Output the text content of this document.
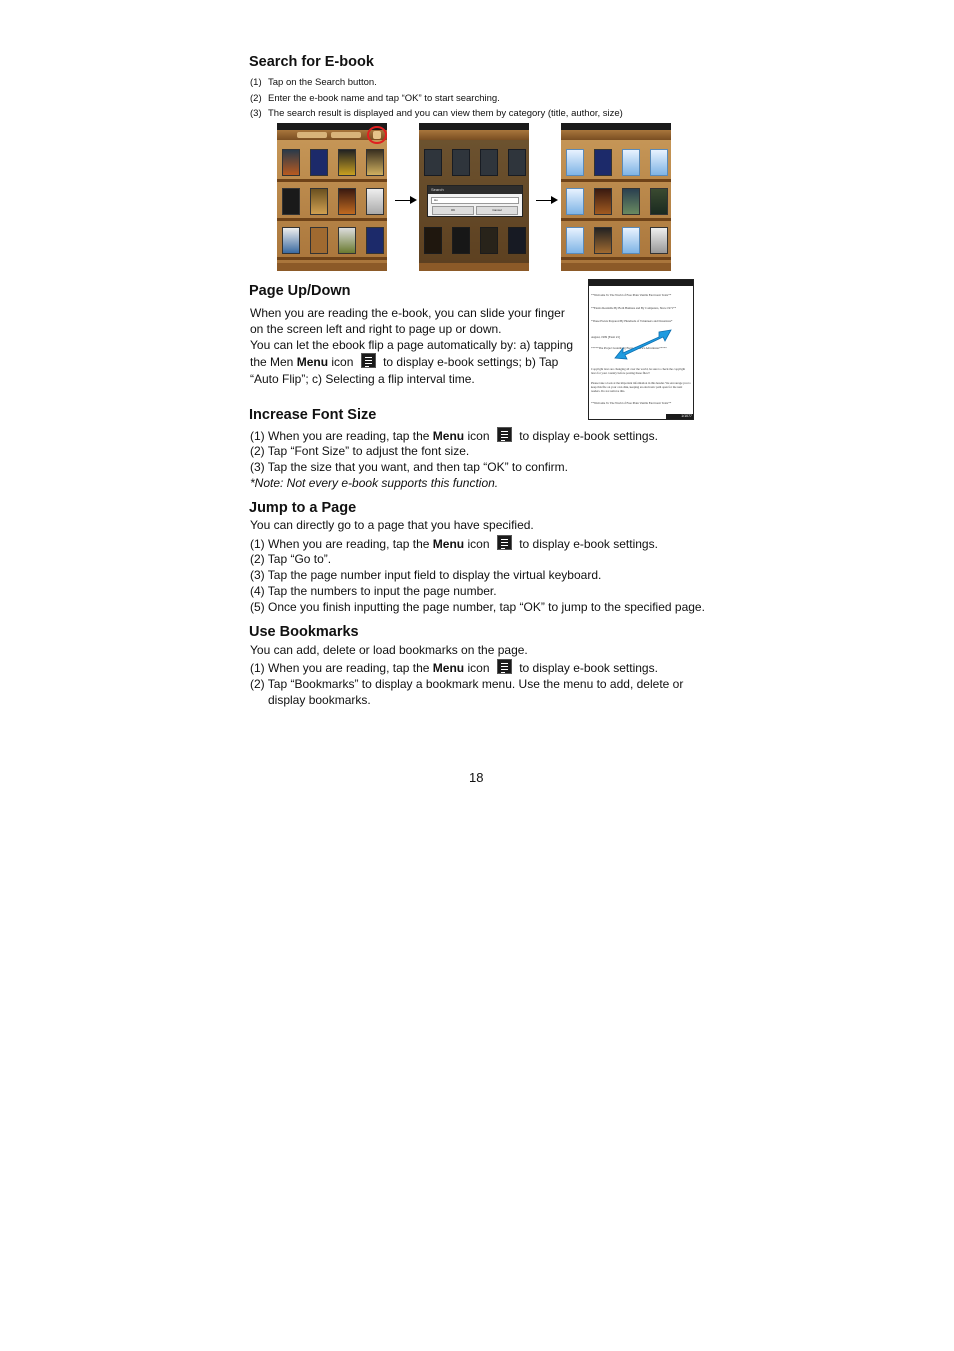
Search for E-book
(1) Tap on the Search button.
(2) Enter the e-book name and tap “OK” to start searching.
(3) The search result is displayed and you can view them by category (title, author, size)
Search
Ho
OK	Cancel
Page Up/Down
When you are reading the e-book, you can slide your finger
on the screen left and right to page up or down.
You can let the ebook flip a page automatically by: a) tapping
the Men Menu icon to display e-book settings; b) Tap
“Auto Flip”; c) Selecting a flip interval time.
**Welcome To The World of Free Plain Vanilla Electronic Texts**
**Etexts Readable By Both Humans and By Computers, Since 1971**
*These Etexts Prepared By Hundreds of Volunteers and Donations*
August, 1999 [Etext #1]
*****The Project Gutenberg Etext of Alice's Adventures*****
Copyright laws are changing all over the world, be sure to check the copyright laws for your country before posting these files!!
Please take a look at the important information in this header. We encourage you to keep this file on your own disk, keeping an electronic path open for the next readers. Do not remove this.
**Welcome To The World of Free Plain Vanilla Electronic Texts**
1/1077
Increase Font Size
(1) When you are reading, tap the Menu icon to display e-book settings.
(2) Tap “Font Size” to adjust the font size.
(3) Tap the size that you want, and then tap “OK” to confirm.
*Note: Not every e-book supports this function.
Jump to a Page
You can directly go to a page that you have specified.
(1) When you are reading, tap the Menu icon to display e-book settings.
(2) Tap “Go to”.
(3) Tap the page number input field to display the virtual keyboard.
(4) Tap the numbers to input the page number.
(5) Once you finish inputting the page number, tap “OK” to jump to the specified page.
Use Bookmarks
You can add, delete or load bookmarks on the page.
(1) When you are reading, tap the Menu icon to display e-book settings.
(2) Tap “Bookmarks” to display a bookmark menu. Use the menu to add, delete or
display bookmarks.
18
